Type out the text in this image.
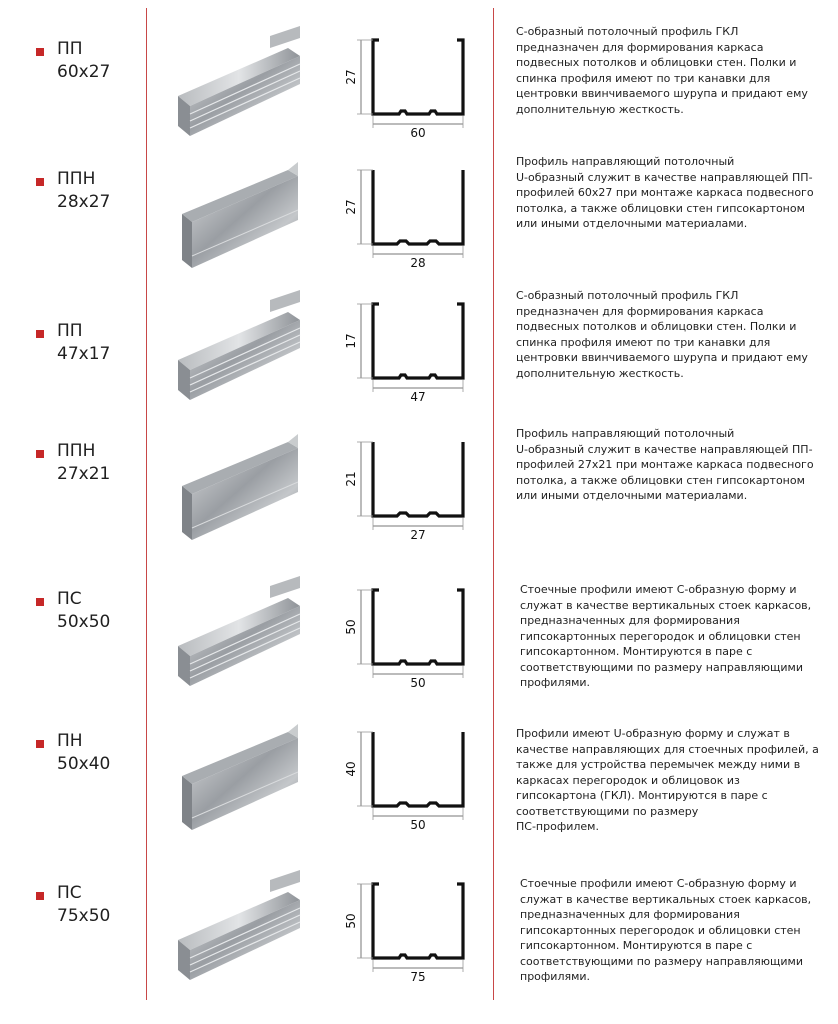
ПП
60x27	27
60
С-образный потолочный профиль ГКЛ
предназначен для формирования каркаса
подвесных потолков и облицовки стен. Полки и
спинка профиля имеют по три канавки для
центровки ввинчиваемого шурупа и придают ему
дополнительную жесткость.
ППН
28x27	27
28
Профиль направляющий потолочный
U-образный служит в качестве направляющей ПП-
профилей 60х27 при монтаже каркаса подвесного
потолка, а также облицовки стен гипсокартоном
или иными отделочными материалами.
ПП
47x17
17
47
С-образный потолочный профиль ГКЛ
предназначен для формирования каркаса
подвесных потолков и облицовки стен. Полки и
спинка профиля имеют по три канавки для
центровки ввинчиваемого шурупа и придают ему
дополнительную жесткость.
ППН
27x21	21
27
Профиль направляющий потолочный
U-образный служит в качестве направляющей ПП-
профилей 27х21 при монтаже каркаса подвесного
потолка, а также облицовки стен гипсокартоном
или иными отделочными материалами.
ПС
50x50	50
50
Стоечные профили имеют С-образную форму и
служат в качестве вертикальных стоек каркасов,
предназначенных для формирования
гипсокартонных перегородок и облицовки стен
гипсокартонном. Монтируются в паре с
соответствующими по размеру направляющими
профилями.
ПН
50x40	40
50
Профили имеют U-образную форму и служат в
качестве направляющих для стоечных профилей, а
также для устройства перемычек между ними в
каркасах перегородок и облицовок из
гипсокартона (ГКЛ). Монтируются в паре с
соответствующими по размеру
ПС-профилем.
ПС
75x50	50
75
Стоечные профили имеют С-образную форму и
служат в качестве вертикальных стоек каркасов,
предназначенных для формирования
гипсокартонных перегородок и облицовки стен
гипсокартонном. Монтируются в паре с
соответствующими по размеру направляющими
профилями.
